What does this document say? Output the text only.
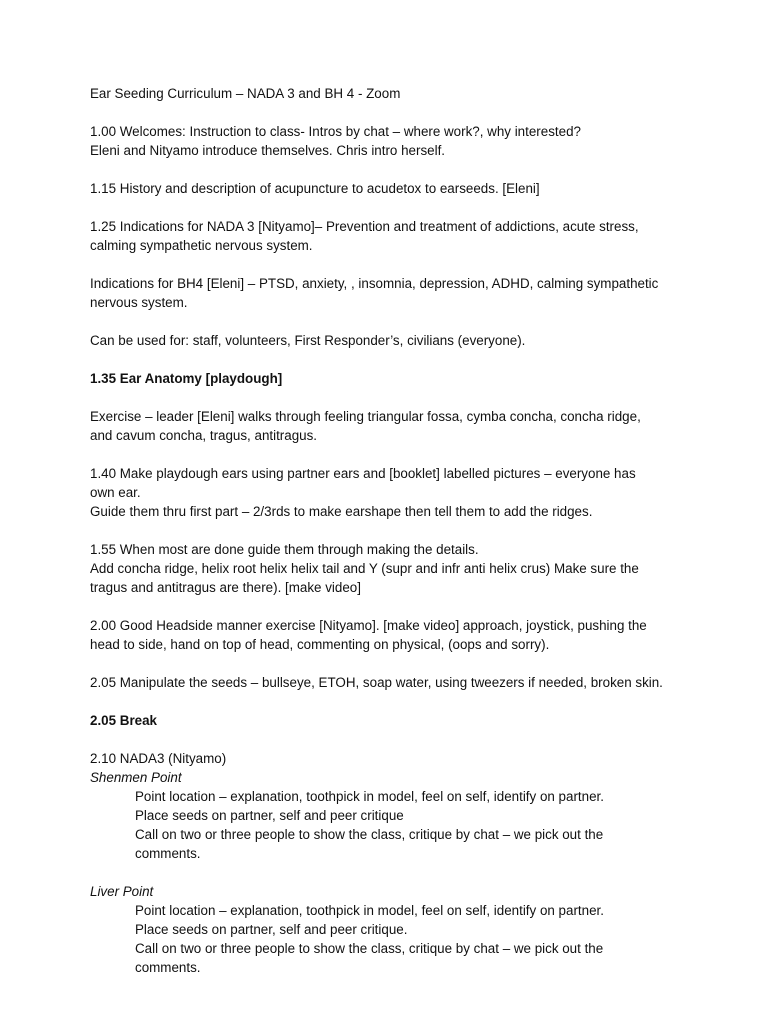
Ear Seeding Curriculum – NADA 3 and BH 4 - Zoom
1.00 Welcomes: Instruction to class- Intros by chat – where work?, why interested?
Eleni and Nityamo introduce themselves. Chris intro herself.
1.15 History and description of acupuncture to acudetox to earseeds. [Eleni]
1.25 Indications for NADA 3 [Nityamo]– Prevention and treatment of addictions, acute stress,
calming sympathetic nervous system.
Indications for BH4 [Eleni] – PTSD, anxiety, , insomnia, depression, ADHD, calming sympathetic
nervous system.
Can be used for: staff, volunteers, First Responder’s, civilians (everyone).
1.35 Ear Anatomy [playdough]
Exercise – leader [Eleni] walks through feeling triangular fossa, cymba concha, concha ridge,
and cavum concha, tragus, antitragus.
1.40 Make playdough ears using partner ears and [booklet] labelled pictures – everyone has
own ear.
Guide them thru first part – 2/3rds to make earshape then tell them to add the ridges.
1.55 When most are done guide them through making the details.
Add concha ridge, helix root helix helix tail and Y (supr and infr anti helix crus) Make sure the
tragus and antitragus are there). [make video]
2.00 Good Headside manner exercise [Nityamo]. [make video] approach, joystick, pushing the
head to side, hand on top of head, commenting on physical, (oops and sorry).
2.05 Manipulate the seeds – bullseye, ETOH, soap water, using tweezers if needed, broken skin.
2.05 Break
2.10 NADA3 (Nityamo)
Shenmen Point
Point location – explanation, toothpick in model, feel on self, identify on partner.
Place seeds on partner, self and peer critique
Call on two or three people to show the class, critique by chat – we pick out the
comments.
Liver Point
Point location – explanation, toothpick in model, feel on self, identify on partner.
Place seeds on partner, self and peer critique.
Call on two or three people to show the class, critique by chat – we pick out the
comments.
